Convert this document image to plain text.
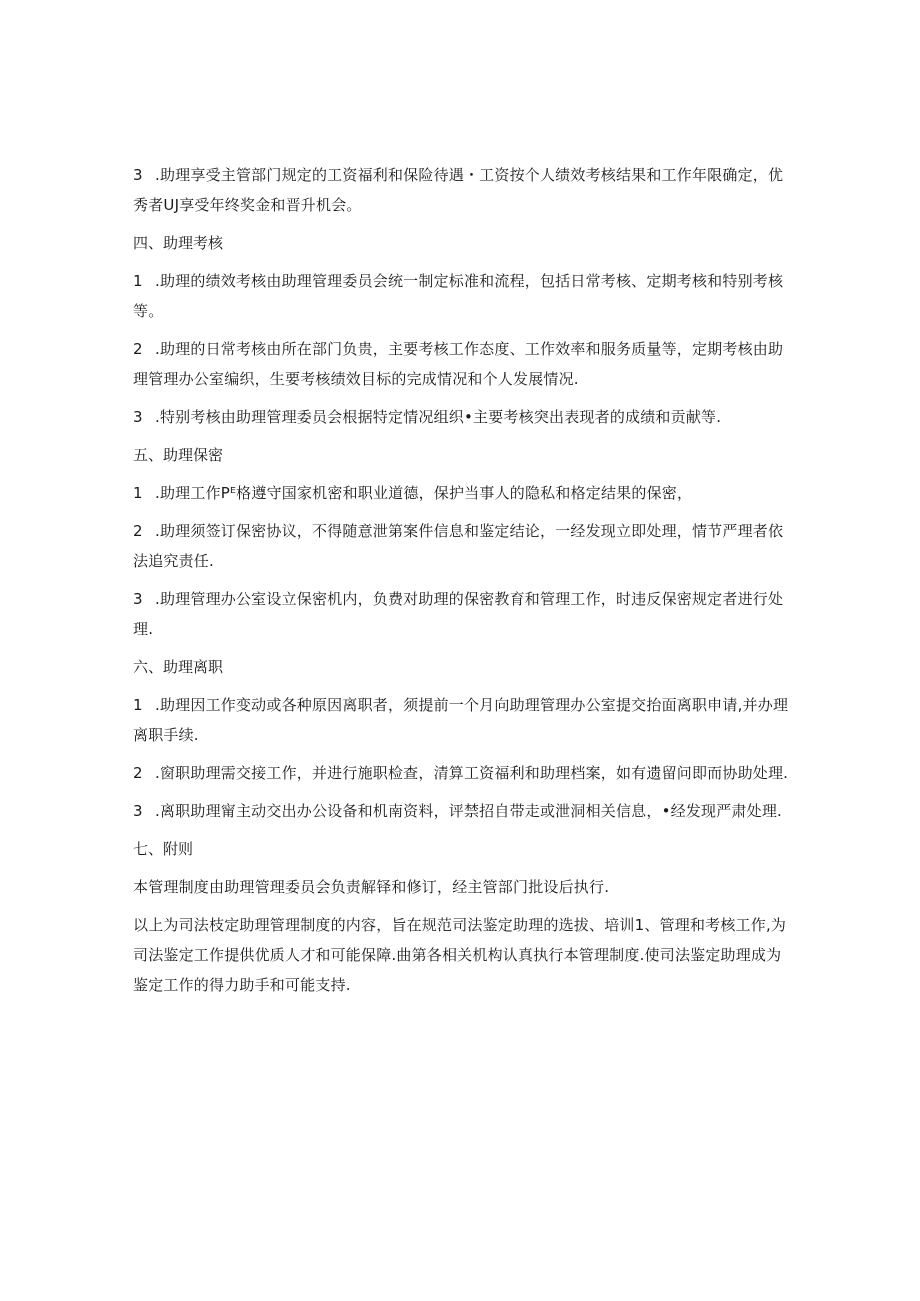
3 .助理享受主管部门规定的工资福利和保险待遇・工资按个人绩效考核结果和工作年限确定，优秀者UJ享受年终奖金和晋升机会。

四、助理考核

1 .助理的绩效考核由助理管理委员会统一制定标准和流程，包括日常考核、定期考核和特别考核等。

2 .助理的日常考核由所在部门负贵，主要考核工作态度、工作效率和服务质量等，定期考核由助理管理办公室编织，生要考核绩效目标的完成情况和个人发展情况.

3 .特别考核由助理管理委员会根据特定情况组织•主要考核突出表现者的成绩和贡献等.

五、助理保密

1 .助理工作Pᴱ格遵守国家机密和职业道德，保护当事人的隐私和格定结果的保密，

2 .助理须签订保密协议，不得随意泄第案件信息和鉴定结论，一经发现立即处理，情节严理者依法追究责任.

3 .助理管理办公室设立保密机内，负费对助理的保密教育和管理工作，时违反保密规定者进行处理.

六、助理离职

1 .助理因工作变动或各种原因离职者，须提前一个月向助理管理办公室提交抬面离职申请,并办理离职手续.

2 .窗职助理需交接工作，并进行施职检查，清算工资福利和助理档案，如有遗留问即而协助处理.

3 .离职助理甯主动交出办公设备和机南资料，评禁招自带走或泄洞相关信息，•经发现严肃处理.

七、附则

本管理制度由助理管理委员会负责解铎和修订，经主管部门批设后执行.

以上为司法枝定助理管理制度的内容，旨在规范司法鉴定助理的选拔、培训1、管理和考核工作,为司法鉴定工作提供优质人才和可能保障.曲第各相关机构认真执行本管理制度.使司法鉴定助理成为鉴定工作的得力助手和可能支持.
